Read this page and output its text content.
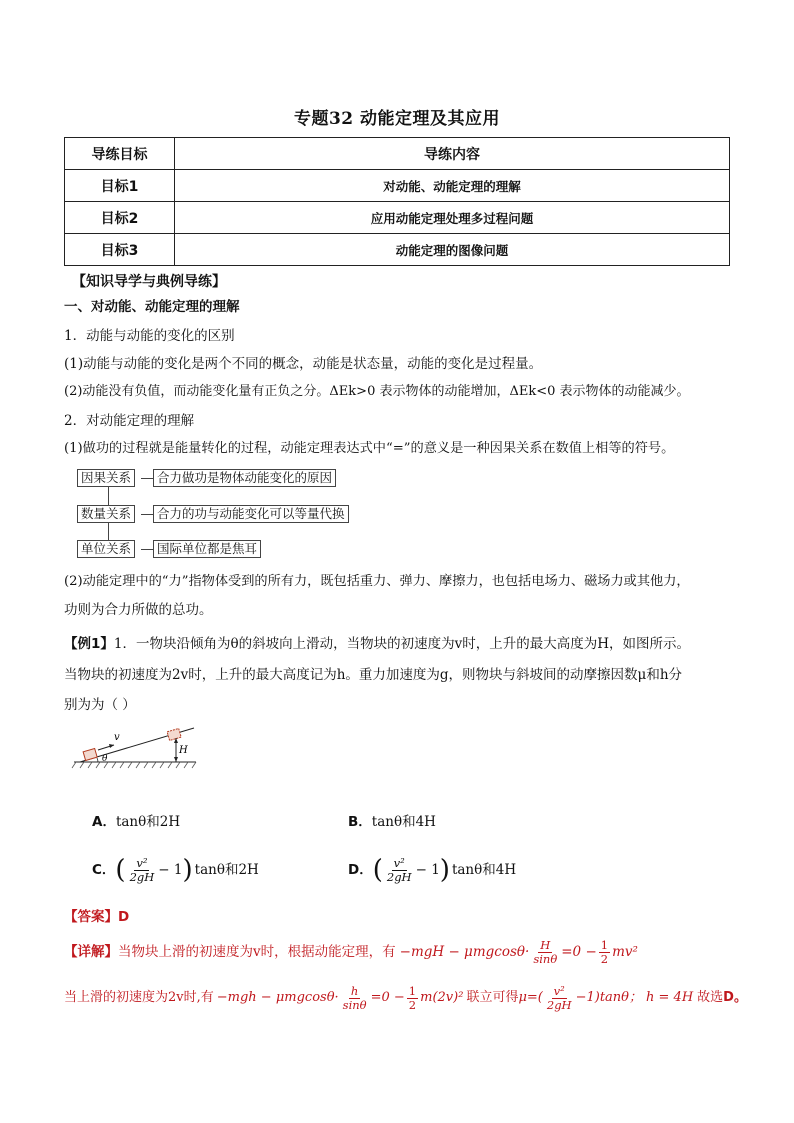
专题32 动能定理及其应用
导练目标	导练内容
目标1	对动能、动能定理的理解
目标2	应用动能定理处理多过程问题
目标3	动能定理的图像问题
【知识导学与典例导练】
一、对动能、动能定理的理解
1．动能与动能的变化的区别
(1)动能与动能的变化是两个不同的概念，动能是状态量，动能的变化是过程量。
(2)动能没有负值，而动能变化量有正负之分。ΔEk>0 表示物体的动能增加，ΔEk<0 表示物体的动能减少。
2．对动能定理的理解
(1)做功的过程就是能量转化的过程，动能定理表达式中“=”的意义是一种因果关系在数值上相等的符号。
因果关系	合力做功是物体动能变化的原因
数量关系	合力的功与动能变化可以等量代换
单位关系	国际单位都是焦耳
(2)动能定理中的“力”指物体受到的所有力，既包括重力、弹力、摩擦力，也包括电场力、磁场力或其他力，
功则为合力所做的总功。
【例1】1．一物块沿倾角为θ的斜坡向上滑动，当物块的初速度为v时，上升的最大高度为H，如图所示。
当物块的初速度为2v时，上升的最大高度记为h。重力加速度为g，则物块与斜坡间的动摩擦因数μ和h分
别为为（ ）
v
θ
H
A．tanθ和2H	B．tanθ和4H
C． ( $\frac{\text{v²}}{2gH} - 1$ ) tanθ和2H	D． ( $\frac{\text{v²}}{2gH} - 1$ ) tanθ和4H
【答案】D
【详解】 当物块上滑的初速度为v时，根据动能定理，有 $-mgH - \mu mgcos\theta\cdot \frac{H}{\sin\theta} =0 - \frac{1}{2} mv^2$
当上滑的初速度为2v时,有 $-mgh - \mu mgcos\theta\cdot \frac{h}{\sin\theta} =0 - \frac{1}{2} m(2v)^2$ 联立可得 $\mu=( \frac{\text{v²}}{2gH} -1)\tan\theta$； h = 4H 故选 D。
